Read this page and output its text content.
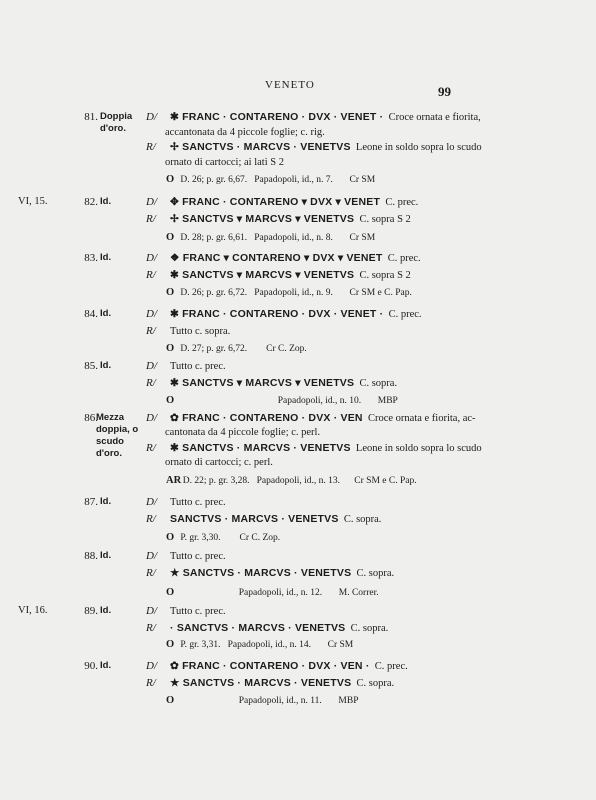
VENETO	99
81. Doppia d'oro.
D/ ✱ FRANC · CONTARENO · DVX · VENET · Croce ornata e fiorita,
accantonata da 4 piccole foglie; c. rig.
R/ ✢ SANCTVS · MARCVS · VENETVS Leone in soldo sopra lo scudo
ornato di cartocci; ai lati S 2
O D. 26; p. gr. 6,67. Papadopoli, id., n. 7. Cr SM
VI, 15.	82. Id.	D/ ✥ FRANC · CONTARENO ▾ DVX ▾ VENET C. prec.
R/ ✢ SANCTVS ▾ MARCVS ▾ VENETVS C. sopra S 2
O D. 28; p. gr. 6,61. Papadopoli, id., n. 8. Cr SM
83. Id.	D/ ❖ FRANC ▾ CONTARENO ▾ DVX ▾ VENET C. prec.
R/ ✱ SANCTVS ▾ MARCVS ▾ VENETVS C. sopra S 2
O D. 26; p. gr. 6,72. Papadopoli, id., n. 9. Cr SM e C. Pap.
84. Id.	D/ ✱ FRANC · CONTARENO · DVX · VENET · C. prec.
R/ Tutto c. sopra.
O D. 27; p. gr. 6,72. Cr C. Zop.
85. Id.	D/ Tutto c. prec.
R/ ✱ SANCTVS ▾ MARCVS ▾ VENETVS C. sopra.
O	Papadopoli, id., n. 10. MBP
86.
Mezza doppia, o scudo d'oro.
D/ ✿ FRANC · CONTARENO · DVX · VEN Croce ornata e fiorita, ac-
cantonata da 4 piccole foglie; c. perl.
R/ ✱ SANCTVS · MARCVS · VENETVS Leone in soldo sopra lo scudo
ornato di cartocci; c. perl.
AR D. 22; p. gr. 3,28. Papadopoli, id., n. 13. Cr SM e C. Pap.
87. Id.	D/ Tutto c. prec.
R/ SANCTVS · MARCVS · VENETVS C. sopra.
O P. gr. 3,30. Cr C. Zop.
88. Id.	D/ Tutto c. prec.
R/ ★ SANCTVS · MARCVS · VENETVS C. sopra.
O	Papadopoli, id., n. 12. M. Correr.
VI, 16.	89. Id.	D/ Tutto c. prec.
R/ · SANCTVS · MARCVS · VENETVS C. sopra.
O P. gr. 3,31. Papadopoli, id., n. 14. Cr SM
90. Id.	D/ ✿ FRANC · CONTARENO · DVX · VEN · C. prec.
R/ ★ SANCTVS · MARCVS · VENETVS C. sopra.
O	Papadopoli, id., n. 11. MBP
